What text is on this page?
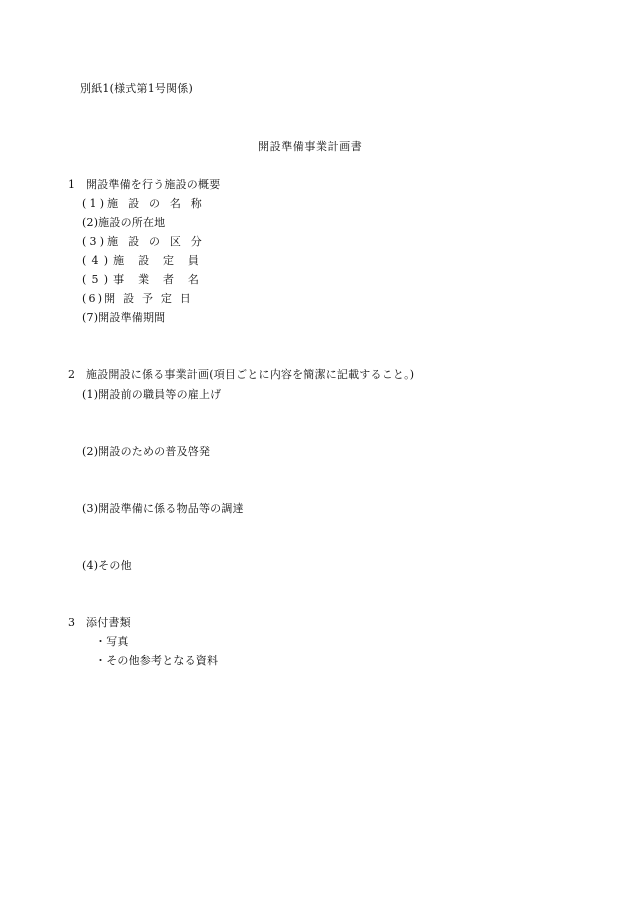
別紙1(様式第1号関係)
開設準備事業計画書
1 開設準備を行う施設の概要
(1)施 設 の 名 称
(2)施設の所在地
(3)施 設 の 区 分
(4)施 設 定 員
(5)事 業 者 名
(6)開 設 予 定 日
(7)開設準備期間
2 施設開設に係る事業計画(項目ごとに内容を簡潔に記載すること。)
(1)開設前の職員等の雇上げ
(2)開設のための普及啓発
(3)開設準備に係る物品等の調達
(4)その他
3 添付書類
・写真
・その他参考となる資料
